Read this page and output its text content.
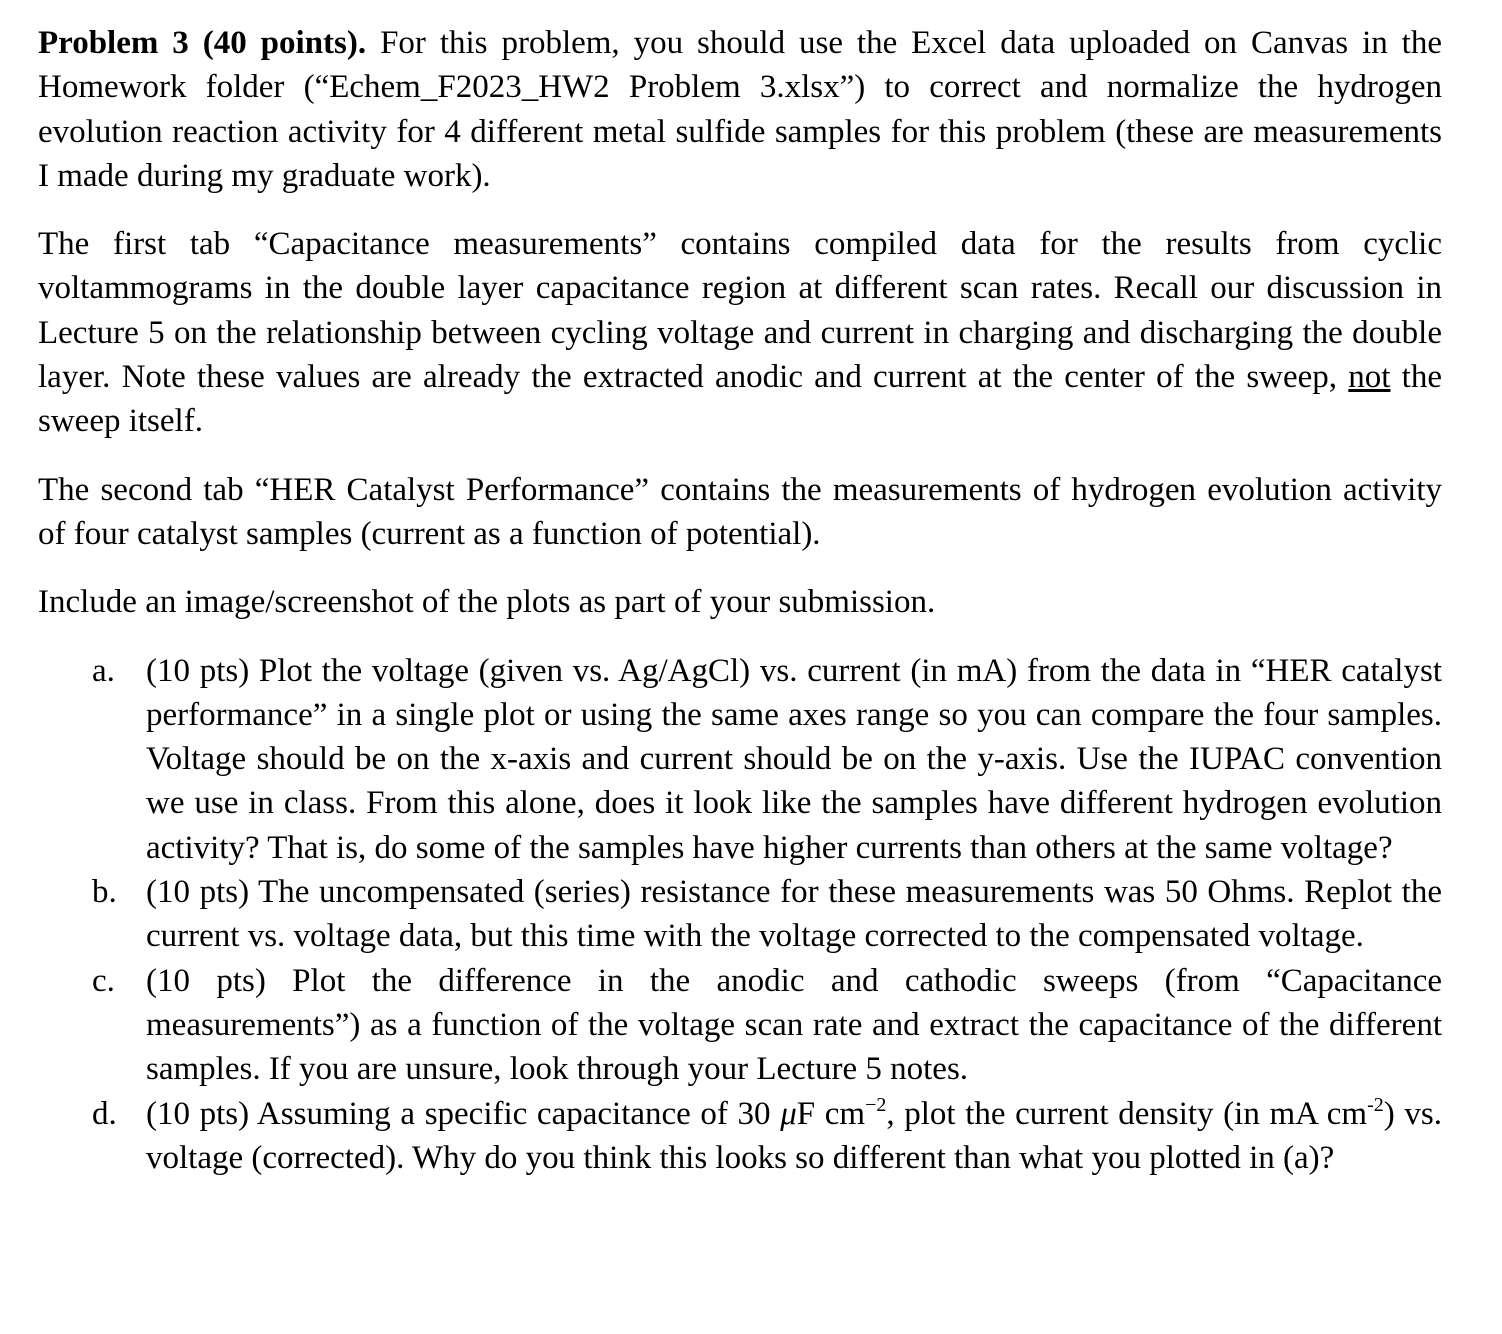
Problem 3 (40 points). For this problem, you should use the Excel data uploaded on Canvas in the Homework folder (“Echem_F2023_HW2 Problem 3.xlsx”) to correct and normalize the hydrogen evolution reaction activity for 4 different metal sulfide samples for this problem (these are measurements I made during my graduate work).

The first tab “Capacitance measurements” contains compiled data for the results from cyclic voltammograms in the double layer capacitance region at different scan rates. Recall our discussion in Lecture 5 on the relationship between cycling voltage and current in charging and discharging the double layer. Note these values are already the extracted anodic and current at the center of the sweep, not the sweep itself.

The second tab “HER Catalyst Performance” contains the measurements of hydrogen evolution activity of four catalyst samples (current as a function of potential).

Include an image/screenshot of the plots as part of your submission.

a. (10 pts) Plot the voltage (given vs. Ag/AgCl) vs. current (in mA) from the data in “HER catalyst performance” in a single plot or using the same axes range so you can compare the four samples. Voltage should be on the x-axis and current should be on the y-axis. Use the IUPAC convention we use in class. From this alone, does it look like the samples have different hydrogen evolution activity? That is, do some of the samples have higher currents than others at the same voltage?
b. (10 pts) The uncompensated (series) resistance for these measurements was 50 Ohms. Replot the current vs. voltage data, but this time with the voltage corrected to the compensated voltage.
c. (10 pts) Plot the difference in the anodic and cathodic sweeps (from “Capacitance measurements”) as a function of the voltage scan rate and extract the capacitance of the different samples. If you are unsure, look through your Lecture 5 notes.
d. (10 pts) Assuming a specific capacitance of 30 μF $cm^{-2}$, plot the current density (in mA $cm^{-2}$) vs. voltage (corrected). Why do you think this looks so different than what you plotted in (a)?
